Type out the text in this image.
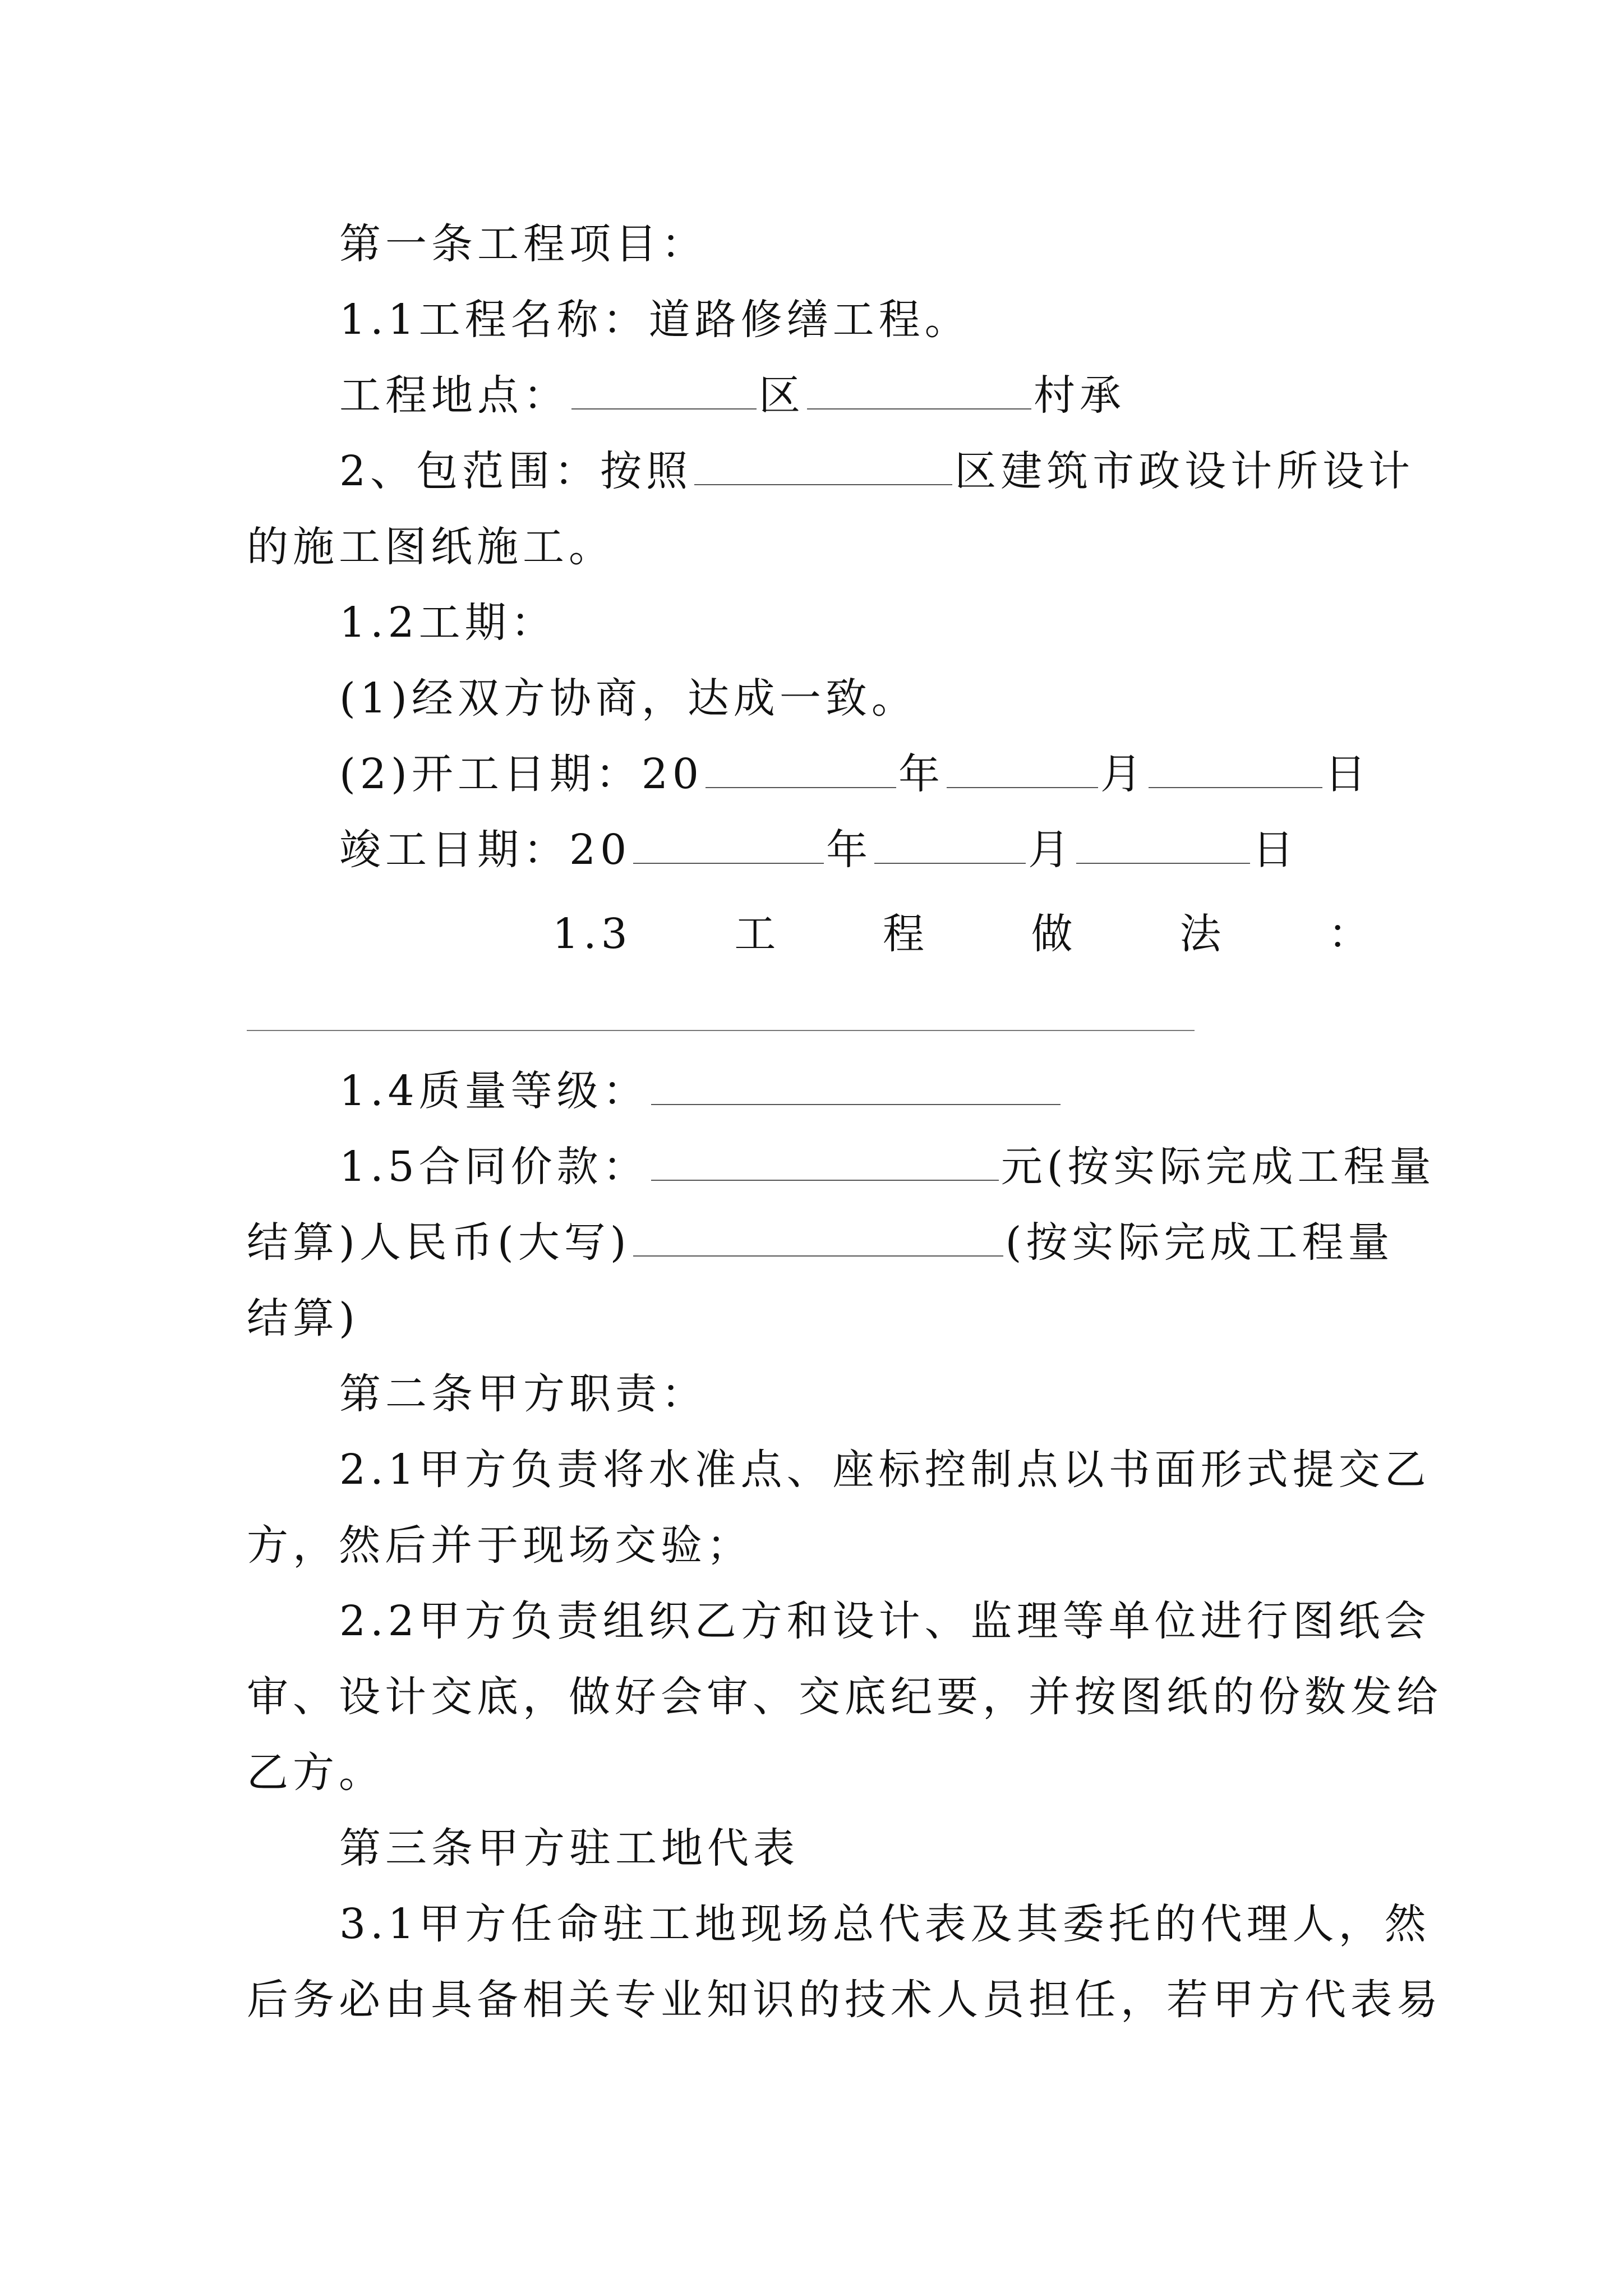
第一条工程项目：
1.1工程名称：道路修缮工程。
工程地点：	区	村承
2、包范围：按照	区建筑市政设计所设计
的施工图纸施工。
1.2工期：
(1)经双方协商，达成一致。
(2)开工日期：20	年	月	日
竣工日期：20	年	月	日
1.3 工 程 做 法 ：
1.4质量等级：
1.5合同价款：	元(按实际完成工程量
结算)人民币(大写)	(按实际完成工程量
结算)
第二条甲方职责：
2.1甲方负责将水准点、座标控制点以书面形式提交乙
方，然后并于现场交验；
2.2甲方负责组织乙方和设计、监理等单位进行图纸会
审、设计交底，做好会审、交底纪要，并按图纸的份数发给
乙方。
第三条甲方驻工地代表
3.1甲方任命驻工地现场总代表及其委托的代理人，然
后务必由具备相关专业知识的技术人员担任，若甲方代表易
